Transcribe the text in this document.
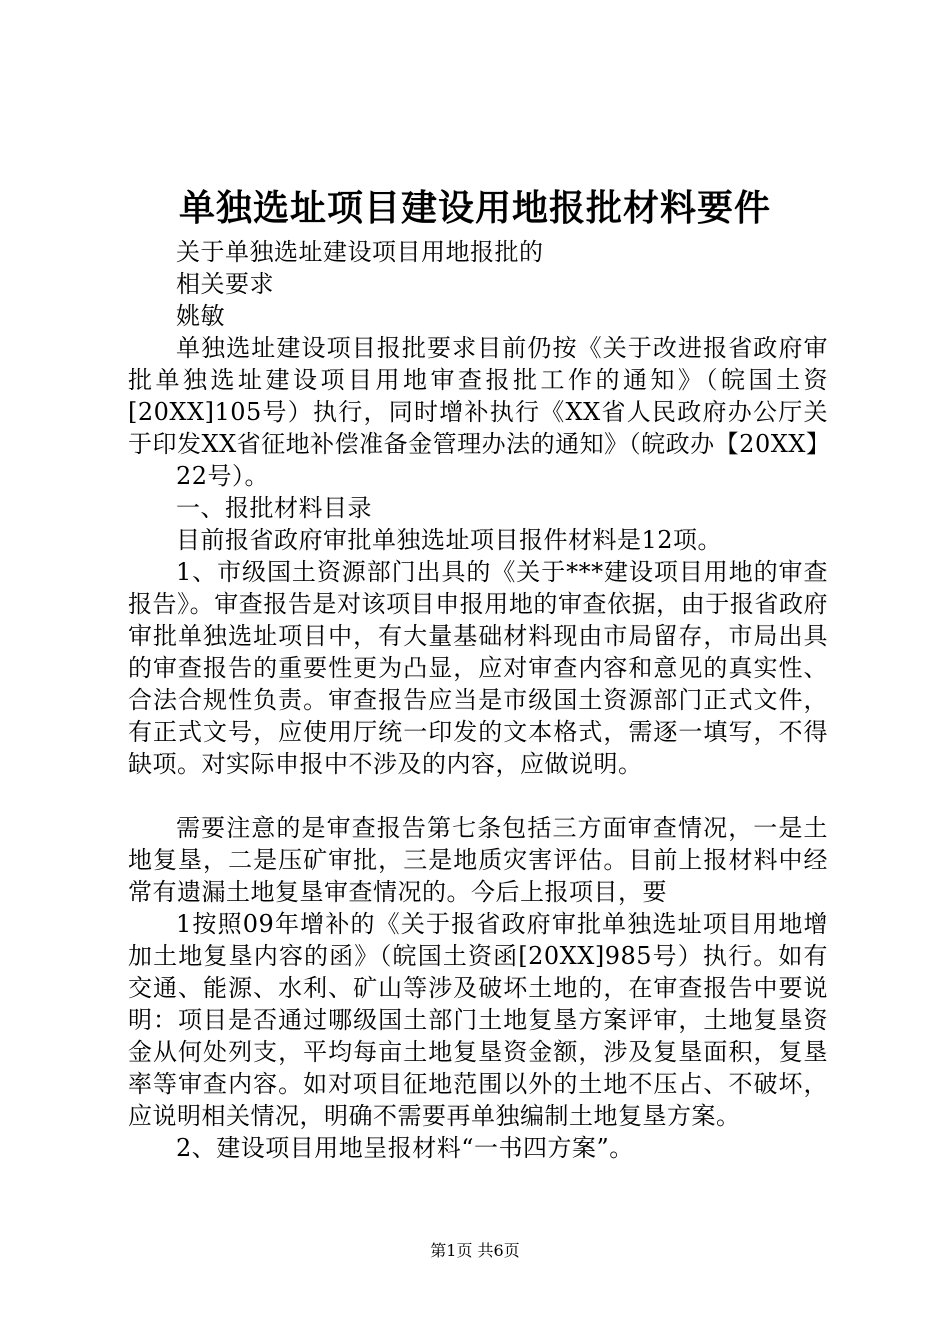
单独选址项目建设用地报批材料要件

关于单独选址建设项目用地报批的

相关要求

姚敏

单独选址建设项目报批要求目前仍按《关于改进报省政府审批单独选址建设项目用地审查报批工作的通知》（皖国土资[20XX]105号）执行，同时增补执行《XX省人民政府办公厅关于印发XX省征地补偿准备金管理办法的通知》（皖政办【20XX】

22号）。

一、报批材料目录

目前报省政府审批单独选址项目报件材料是12项。

1、市级国土资源部门出具的《关于***建设项目用地的审查报告》。审查报告是对该项目申报用地的审查依据，由于报省政府审批单独选址项目中，有大量基础材料现由市局留存，市局出具的审查报告的重要性更为凸显，应对审查内容和意见的真实性、合法合规性负责。审查报告应当是市级国土资源部门正式文件，有正式文号，应使用厅统一印发的文本格式，需逐一填写，不得缺项。对实际申报中不涉及的内容，应做说明。

需要注意的是审查报告第七条包括三方面审查情况，一是土地复垦，二是压矿审批，三是地质灾害评估。目前上报材料中经常有遗漏土地复垦审查情况的。今后上报项目，要

1按照09年增补的《关于报省政府审批单独选址项目用地增加土地复垦内容的函》（皖国土资函[20XX]985号）执行。如有交通、能源、水利、矿山等涉及破坏土地的，在审查报告中要说明：项目是否通过哪级国土部门土地复垦方案评审，土地复垦资金从何处列支，平均每亩土地复垦资金额，涉及复垦面积，复垦率等审查内容。如对项目征地范围以外的土地不压占、不破坏，应说明相关情况，明确不需要再单独编制土地复垦方案。

2、建设项目用地呈报材料“一书四方案”。

第1页 共6页
